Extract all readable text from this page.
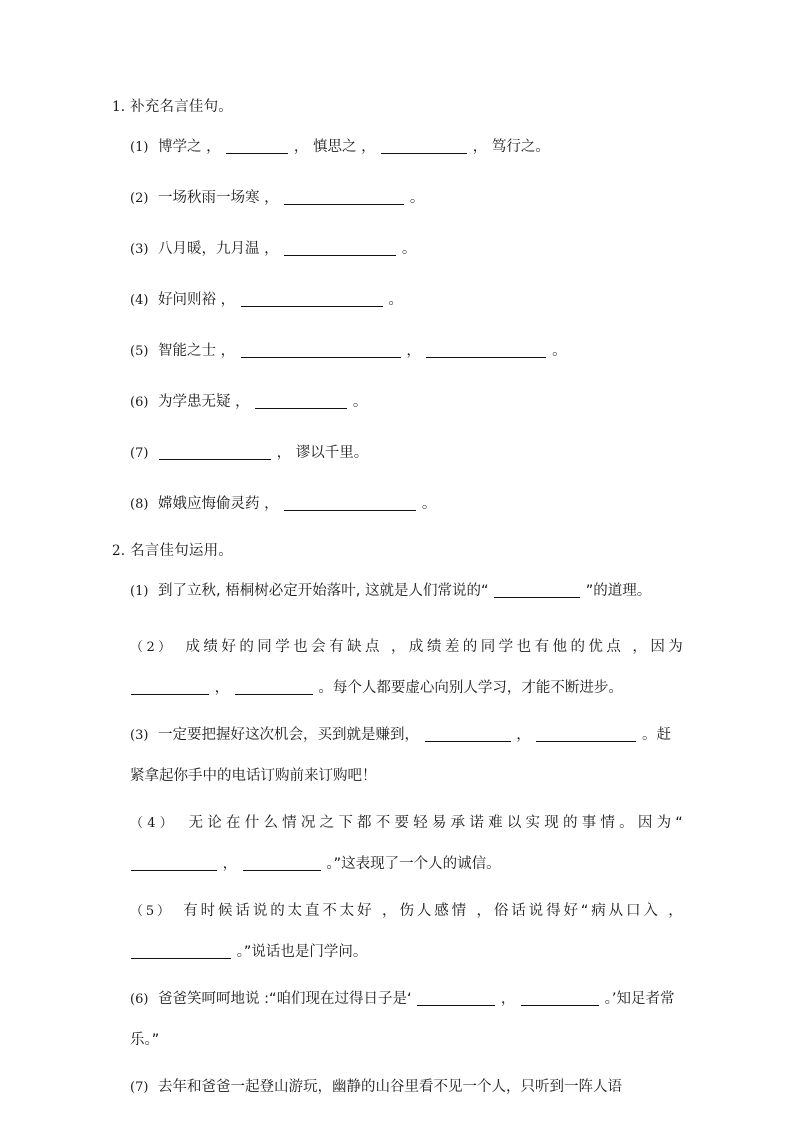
1. 补充名言佳句。
(1) 博学之 ，	， 慎思之 ，	， 笃行之。
(2) 一场秋雨一场寒 ，	。
(3) 八月暖，九月温 ，	。
(4) 好问则裕 ，	。
(5) 智能之士 ，	，	。
(6) 为学患无疑 ，	。
(7)	， 谬以千里。
(8) 嫦娥应悔偷灵药 ，	。
2. 名言佳句运用。
(1) 到了立秋, 梧桐树必定开始落叶, 这就是人们常说的“	”的道理。
（2） 成绩好的同学也会有缺点 ，成绩差的同学也有他的优点 ，因为  ，	。每个人都要虚心向别人学习，才能不断进步。
(3) 一定要把握好这次机会，买到就是赚到，	，	。赶紧拿起你手中的电话订购前来订购吧！
（4） 无论在什么情况之下都不要轻易承诺难以实现的事情。因为“  ，	。”这表现了一个人的诚信。
（5） 有时候话说的太直不太好 ，伤人感情 ，俗话说得好“病从口入 ，  。”说话也是门学问。
(6) 爸爸笑呵呵地说 :“咱们现在过得日子是‘	，	。’知足者常乐。”
(7) 去年和爸爸一起登山游玩，幽静的山谷里看不见一个人，只听到一阵人语
